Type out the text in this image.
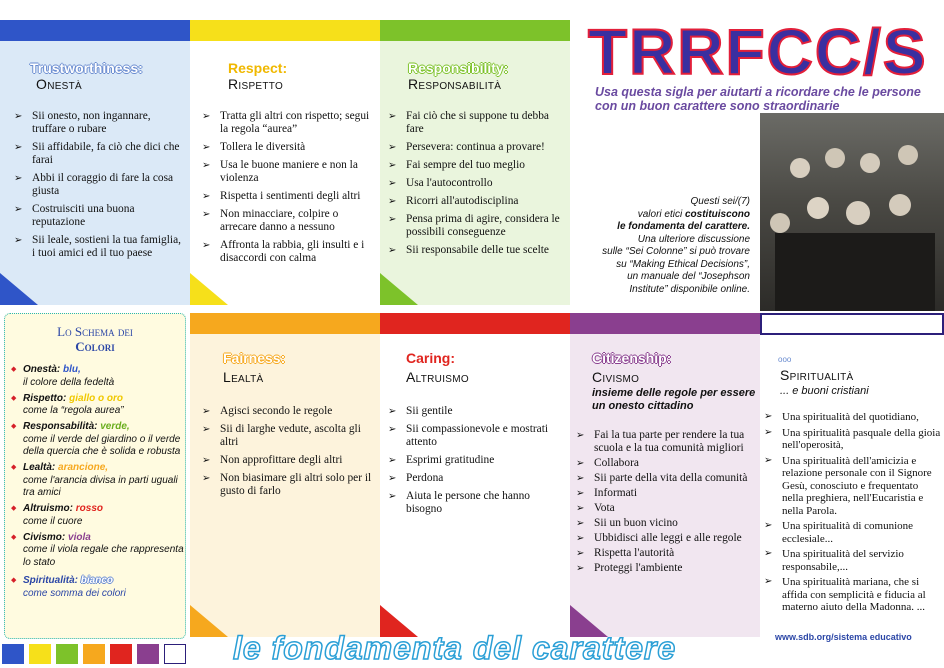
Trustworthiness:
Onestà
➢ Sii onesto, non ingannare, truffare o rubare
➢ Sii affidabile, fa ciò che dici che farai
➢ Abbi il coraggio di fare la cosa giusta
➢ Costruisciti una buona reputazione
➢ Sii leale, sostieni la tua famiglia, i tuoi amici ed il tuo paese
Respect:
Rispetto
➢ Tratta gli altri con rispetto; segui la regola “aurea”
➢ Tollera le diversità
➢ Usa le buone maniere e non la violenza
➢ Rispetta i sentimenti degli altri
➢ Non minacciare, colpire o arrecare danno a nessuno
➢ Affronta la rabbia, gli insulti e i disaccordi con calma
Responsibility:
Responsabilità
➢ Fai ciò che si suppone tu debba fare
➢ Persevera: continua a provare!
➢ Fai sempre del tuo meglio
➢ Usa l'autocontrollo
➢ Ricorri all'autodisciplina
➢ Pensa prima di agire, considera le possibili conseguenze
➢ Sii responsabile delle tue scelte
TRRFCC/S
Usa questa sigla per aiutarti a ricordare che le persone con un buon carattere sono straordinarie
Questi sei/(7)
valori etici costituiscono
le fondamenta del carattere.
Una ulteriore discussione
sulle “Sei Colonne” si può trovare
su “Making Ethical Decisions”,
un manuale del “Josephson
Institute” disponibile online.
Fairness:
Lealtà
➢ Agisci secondo le regole
➢ Sii di larghe vedute, ascolta gli altri
➢ Non approfittare degli altri
➢ Non biasimare gli altri solo per il gusto di farlo
Caring:
Altruismo
➢ Sii gentile
➢ Sii compassionevole e mostrati attento
➢ Esprimi gratitudine
➢ Perdona
➢ Aiuta le persone che hanno bisogno
Citizenship:
Civismo
insieme delle regole per essere un onesto cittadino
➢ Fai la tua parte per rendere la tua scuola e la tua comunità migliori
➢ Collabora
➢ Sii parte della vita della comunità
➢ Informati
➢ Vota
➢ Sii un buon vicino
➢ Ubbidisci alle leggi e alle regole
➢ Rispetta l'autorità
➢ Proteggi l'ambiente
ooo
Spiritualità
... e buoni cristiani
➢ Una spiritualità del quotidiano,
➢ Una spiritualità pasquale della gioia nell'operosità,
➢ Una spiritualità dell'amicizia e relazione personale con il Signore Gesù, conosciuto e frequentato nella preghiera, nell'Eucaristia e nella Parola.
➢ Una spiritualità di comunione ecclesiale...
➢ Una spiritualità del servizio responsabile,...
➢ Una spiritualità mariana, che si affida con semplicità e fiducia al materno aiuto della Madonna. ...
Lo Schema dei
Colori
◆ Onestà: blu,
il colore della fedeltà
◆ Rispetto: giallo o oro
come la “regola aurea”
◆ Responsabilità: verde,
come il verde del giardino o il verde della quercia che è solida e robusta
◆ Lealtà: arancione,
come l'arancia divisa in parti uguali tra amici
◆ Altruismo: rosso
come il cuore
◆ Civismo: viola
come il viola regale che rappresenta lo stato
◆ Spiritualità: bianco
come somma dei colori
le fondamenta del carattere	www.sdb.org/sistema educativo
